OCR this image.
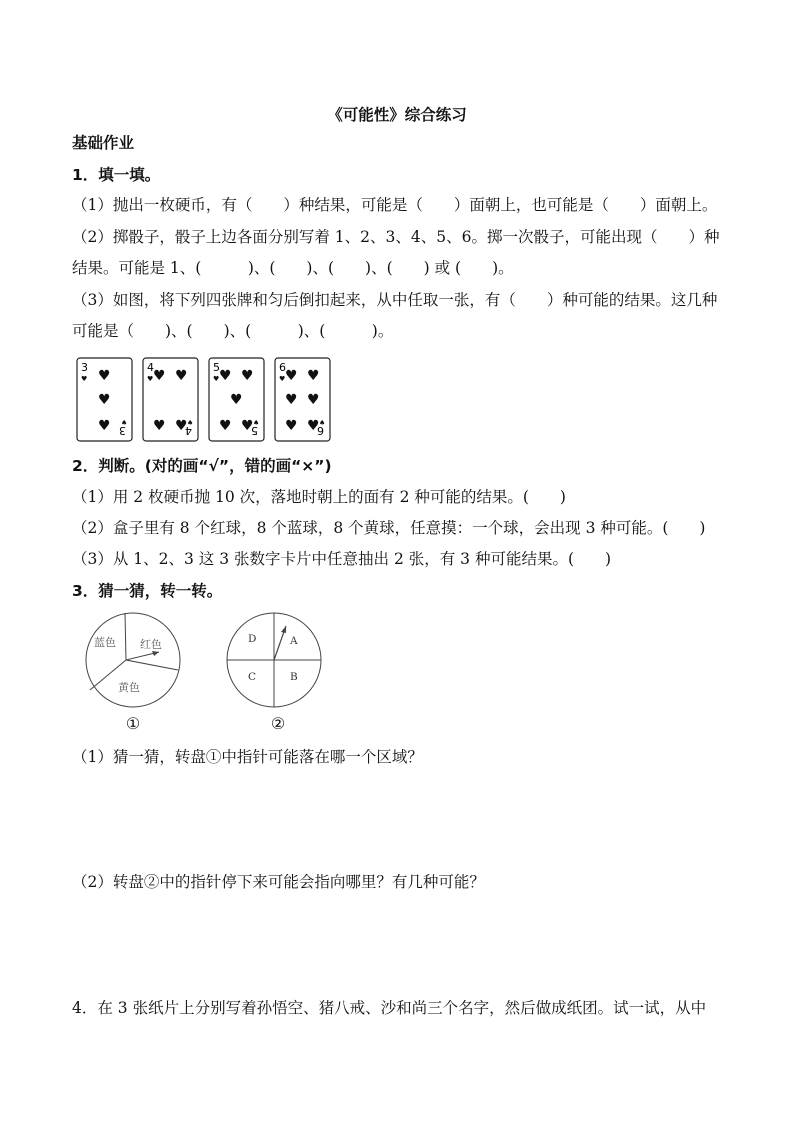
《可能性》综合练习
基础作业
1．填一填。
（1）抛出一枚硬币，有（　　）种结果，可能是（　　）面朝上，也可能是（　　）面朝上。
（2）掷骰子，骰子上边各面分别写着 1、2、3、4、5、6。掷一次骰子，可能出现（　　）种
结果。可能是 1、(　　　)、(　　)、(　　)、(　　) 或 (　　)。
（3）如图，将下列四张牌和匀后倒扣起来，从中任取一张，有（　　）种可能的结果。这几种
可能是（　　)、(　　)、(　　　)、(　　　)。
3
3
♥
♥
♥
♥
♠
4
4
♥ ♥
♥ ♥
♥
♠
5
5
♥ ♥
♥
♥ ♥
♥
♠
6
6
♥ ♥
♥ ♥
♥ ♥
♥
♠
2．判断。(对的画“√”，错的画“×”)
（1）用 2 枚硬币抛 10 次，落地时朝上的面有 2 种可能的结果。(　　)
（2）盒子里有 8 个红球，8 个蓝球，8 个黄球，任意摸：一个球，会出现 3 种可能。(　　)
（3）从 1、2、3 这 3 张数字卡片中任意抽出 2 张，有 3 种可能结果。(　　)
3．猜一猜，转一转。
蓝色 红色
黄色
①
D	A
C	B
②
（1）猜一猜，转盘①中指针可能落在哪一个区域？
（2）转盘②中的指针停下来可能会指向哪里？有几种可能？
4．在 3 张纸片上分别写着孙悟空、猪八戒、沙和尚三个名字，然后做成纸团。试一试，从中
